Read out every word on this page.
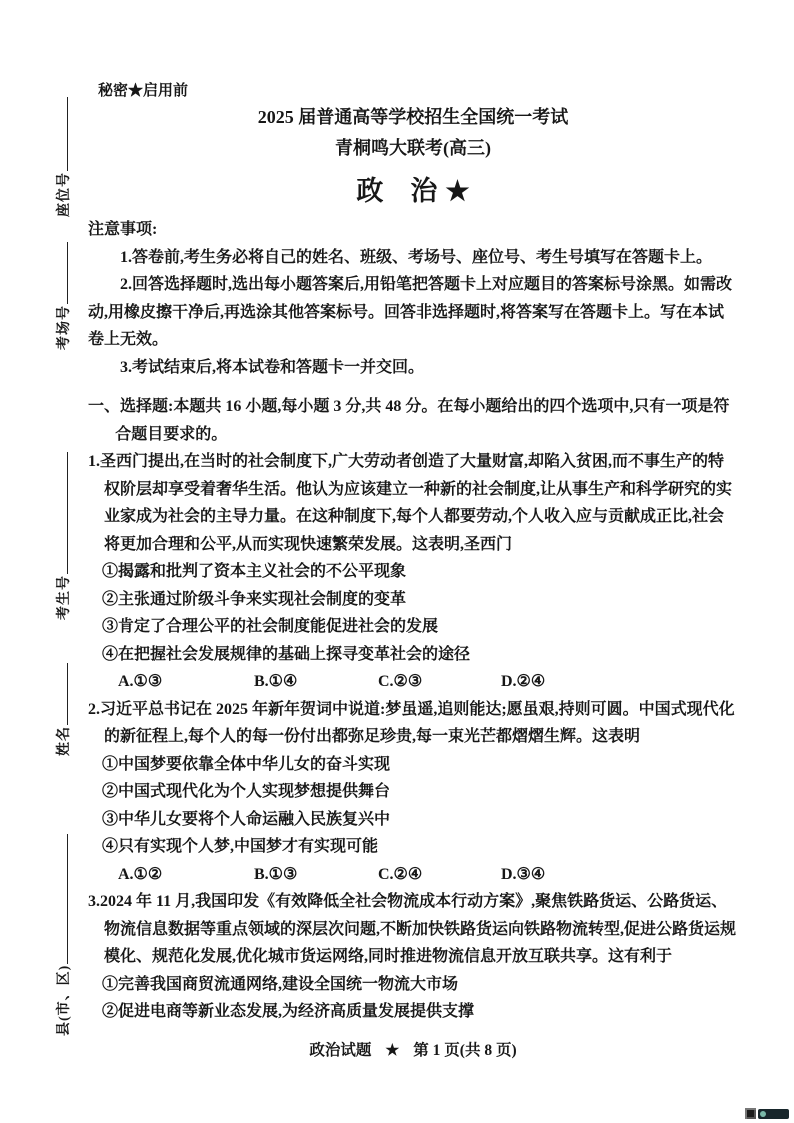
座位号
考场号
考生号
姓名
县(市、区)
秘密★启用前
2025 届普通高等学校招生全国统一考试
青桐鸣大联考(高三)
政　治 ★
注意事项:
1.答卷前,考生务必将自己的姓名、班级、考场号、座位号、考生号填写在答题卡上。
2.回答选择题时,选出每小题答案后,用铅笔把答题卡上对应题目的答案标号涂黑。如需改动,用橡皮擦干净后,再选涂其他答案标号。回答非选择题时,将答案写在答题卡上。写在本试卷上无效。
3.考试结束后,将本试卷和答题卡一并交回。
一、选择题:本题共 16 小题,每小题 3 分,共 48 分。在每小题给出的四个选项中,只有一项是符合题目要求的。
1.圣西门提出,在当时的社会制度下,广大劳动者创造了大量财富,却陷入贫困,而不事生产的特权阶层却享受着奢华生活。他认为应该建立一种新的社会制度,让从事生产和科学研究的实业家成为社会的主导力量。在这种制度下,每个人都要劳动,个人收入应与贡献成正比,社会将更加合理和公平,从而实现快速繁荣发展。这表明,圣西门
①揭露和批判了资本主义社会的不公平现象
②主张通过阶级斗争来实现社会制度的变革
③肯定了合理公平的社会制度能促进社会的发展
④在把握社会发展规律的基础上探寻变革社会的途径
A.①③	B.①④	C.②③	D.②④
2.习近平总书记在 2025 年新年贺词中说道:梦虽遥,追则能达;愿虽艰,持则可圆。中国式现代化的新征程上,每个人的每一份付出都弥足珍贵,每一束光芒都熠熠生辉。这表明
①中国梦要依靠全体中华儿女的奋斗实现
②中国式现代化为个人实现梦想提供舞台
③中华儿女要将个人命运融入民族复兴中
④只有实现个人梦,中国梦才有实现可能
A.①②	B.①③	C.②④	D.③④
3.2024 年 11 月,我国印发《有效降低全社会物流成本行动方案》,聚焦铁路货运、公路货运、物流信息数据等重点领域的深层次问题,不断加快铁路货运向铁路物流转型,促进公路货运规模化、规范化发展,优化城市货运网络,同时推进物流信息开放互联共享。这有利于
①完善我国商贸流通网络,建设全国统一物流大市场
②促进电商等新业态发展,为经济高质量发展提供支撑
政治试题 ★ 第 1 页(共 8 页)
